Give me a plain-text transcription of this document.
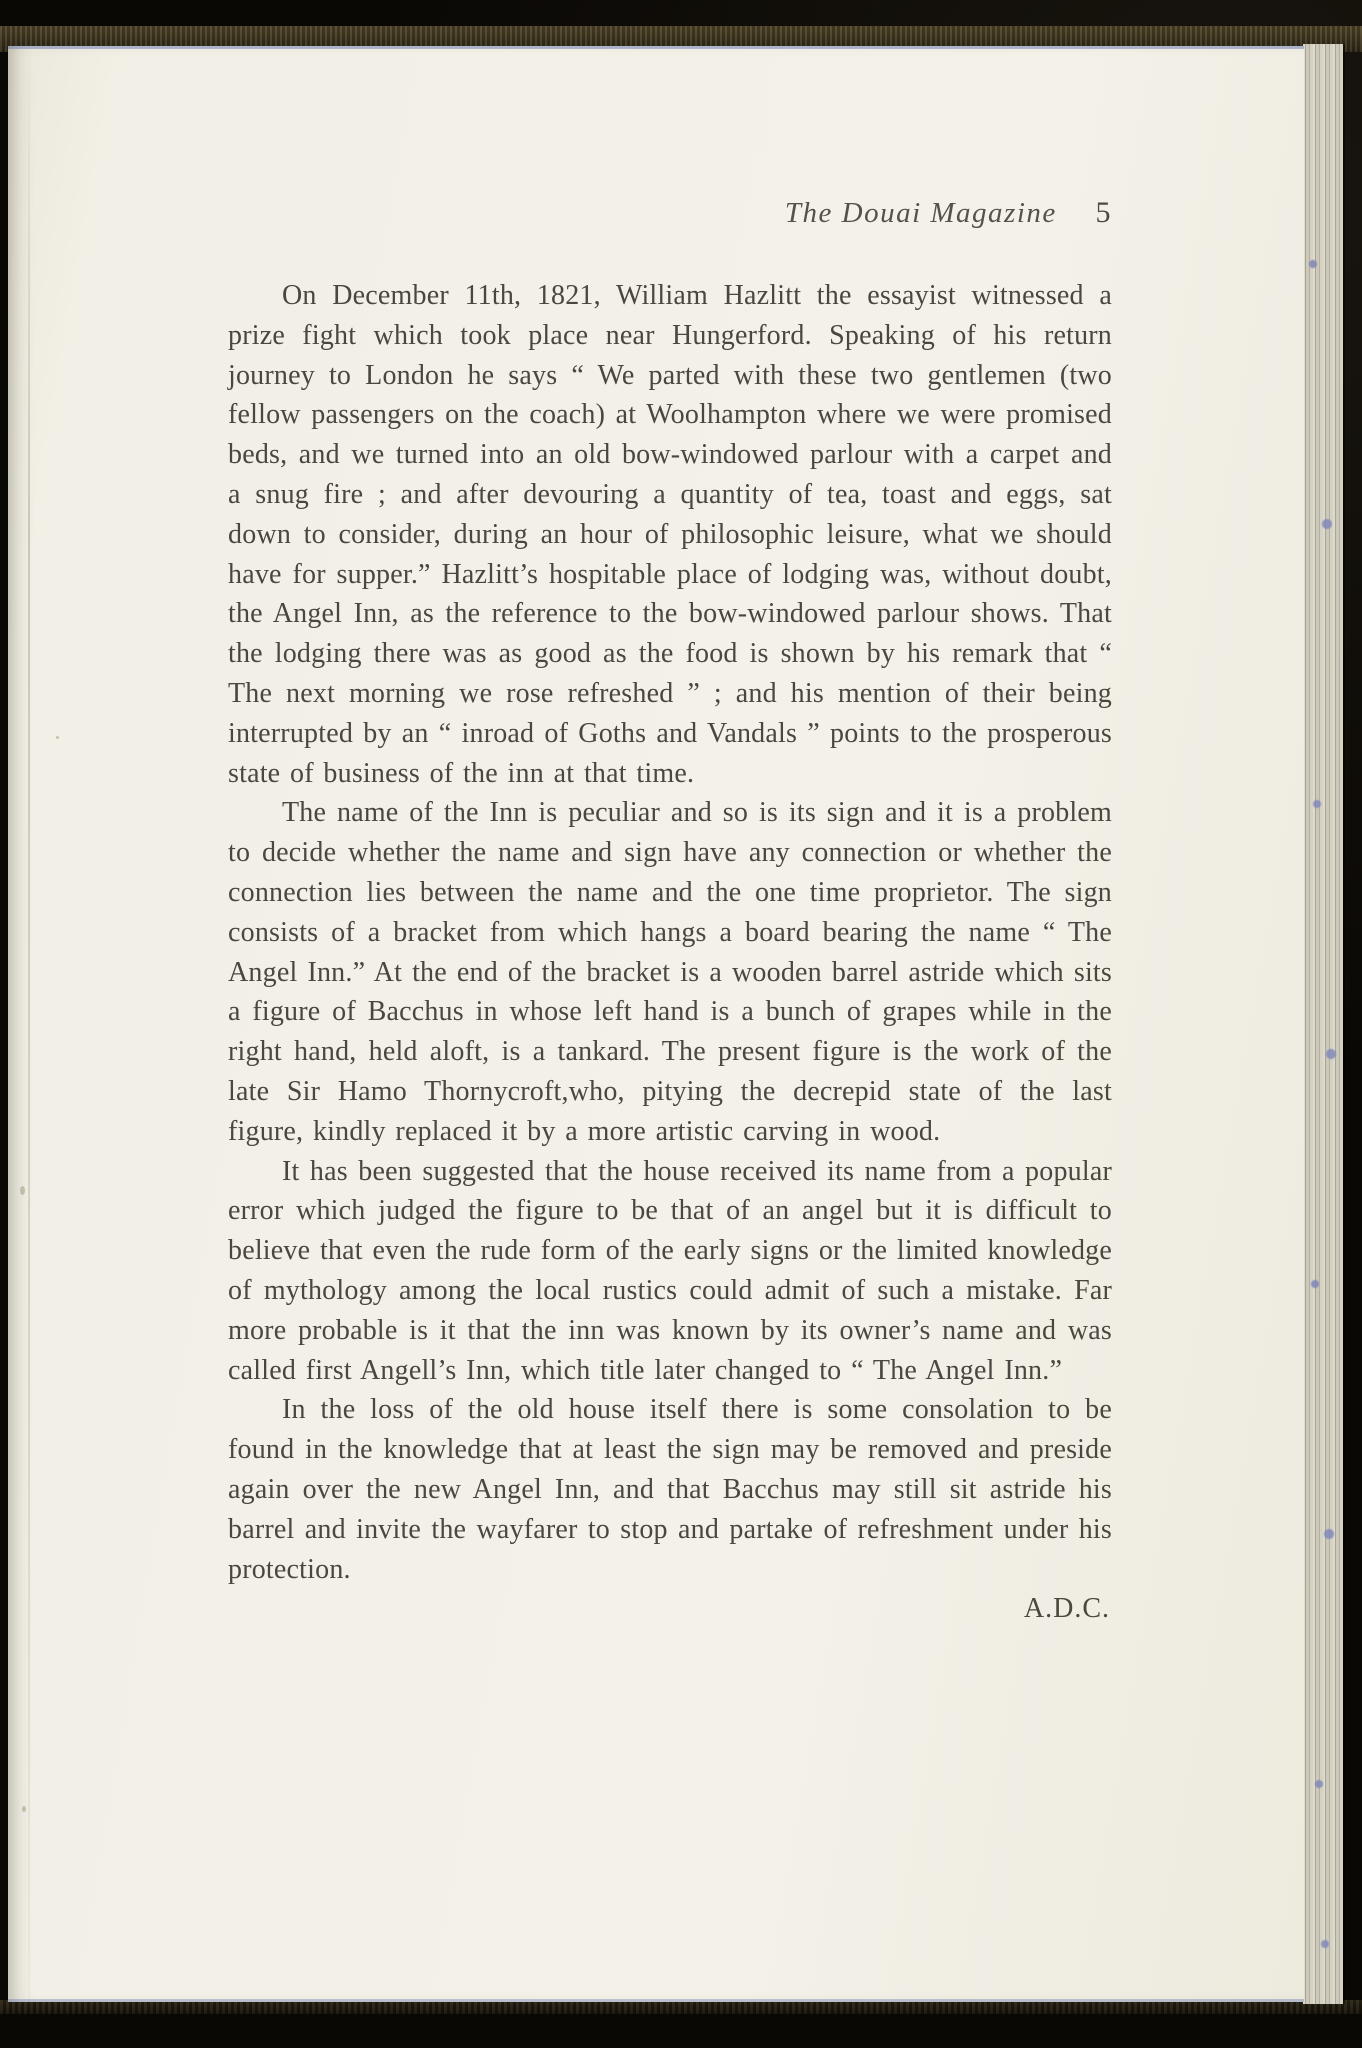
The Douai Magazine 5

On December 11th, 1821, William Hazlitt the essayist witnessed a prize fight which took place near Hungerford. Speaking of his return journey to London he says “ We parted with these two gentlemen (two fellow passengers on the coach) at Woolhampton where we were promised beds, and we turned into an old bow-windowed parlour with a carpet and a snug fire ; and after devouring a quantity of tea, toast and eggs, sat down to consider, during an hour of philosophic leisure, what we should have for supper.” Hazlitt’s hospitable place of lodging was, without doubt, the Angel Inn, as the reference to the bow-windowed parlour shows. That the lodging there was as good as the food is shown by his remark that “ The next morning we rose refreshed ” ; and his mention of their being interrupted by an “ inroad of Goths and Vandals ” points to the prosperous state of business of the inn at that time.

The name of the Inn is peculiar and so is its sign and it is a problem to decide whether the name and sign have any connection or whether the connection lies between the name and the one time proprietor. The sign consists of a bracket from which hangs a board bearing the name “ The Angel Inn.” At the end of the bracket is a wooden barrel astride which sits a figure of Bacchus in whose left hand is a bunch of grapes while in the right hand, held aloft, is a tankard. The present figure is the work of the late Sir Hamo Thornycroft,who, pitying the decrepid state of the last figure, kindly replaced it by a more artistic carving in wood.

It has been suggested that the house received its name from a popular error which judged the figure to be that of an angel but it is difficult to believe that even the rude form of the early signs or the limited knowledge of mythology among the local rustics could admit of such a mistake. Far more probable is it that the inn was known by its owner’s name and was called first Angell’s Inn, which title later changed to “ The Angel Inn.”

In the loss of the old house itself there is some consolation to be found in the knowledge that at least the sign may be removed and preside again over the new Angel Inn, and that Bacchus may still sit astride his barrel and invite the wayfarer to stop and partake of refreshment under his protection.

A.D.C.
